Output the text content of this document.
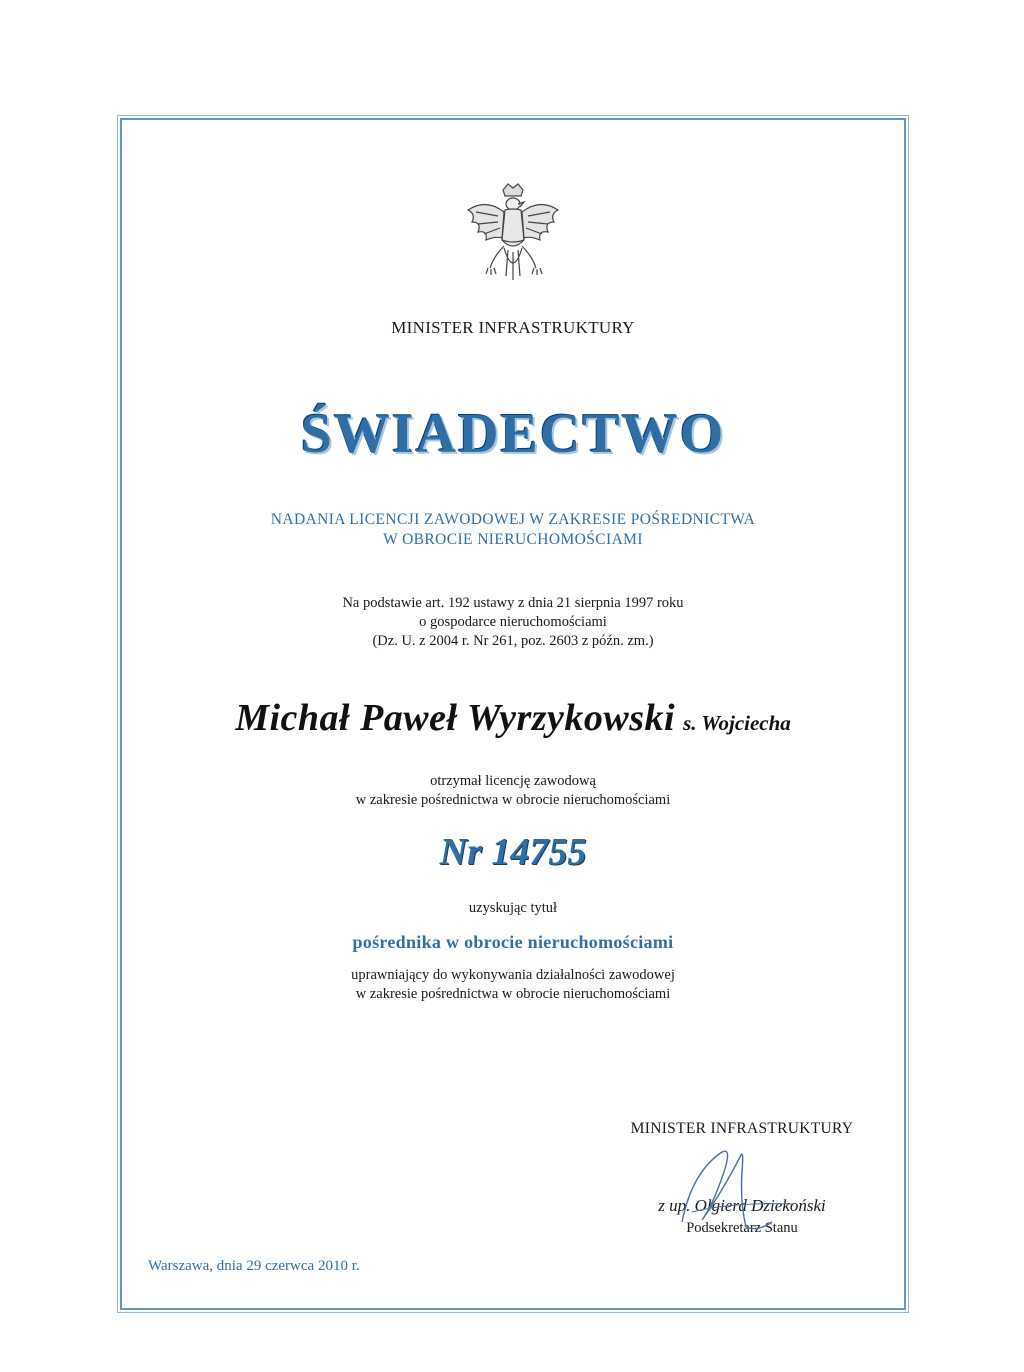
MINISTER INFRASTRUKTURY
ŚWIADECTWO
NADANIA LICENCJI ZAWODOWEJ W ZAKRESIE POŚREDNICTWA
W OBROCIE NIERUCHOMOŚCIAMI
Na podstawie art. 192 ustawy z dnia 21 sierpnia 1997 roku
o gospodarce nieruchomościami
(Dz. U. z 2004 r. Nr 261, poz. 2603 z późn. zm.)
Michał Paweł Wyrzykowski s. Wojciecha
otrzymał licencję zawodową
w zakresie pośrednictwa w obrocie nieruchomościami
Nr 14755
uzyskując tytuł
pośrednika w obrocie nieruchomościami
uprawniający do wykonywania działalności zawodowej
w zakresie pośrednictwa w obrocie nieruchomościami
MINISTER INFRASTRUKTURY
z up. Olgierd Dziekoński
Podsekretarz Stanu
Warszawa, dnia 29 czerwca 2010 r.
